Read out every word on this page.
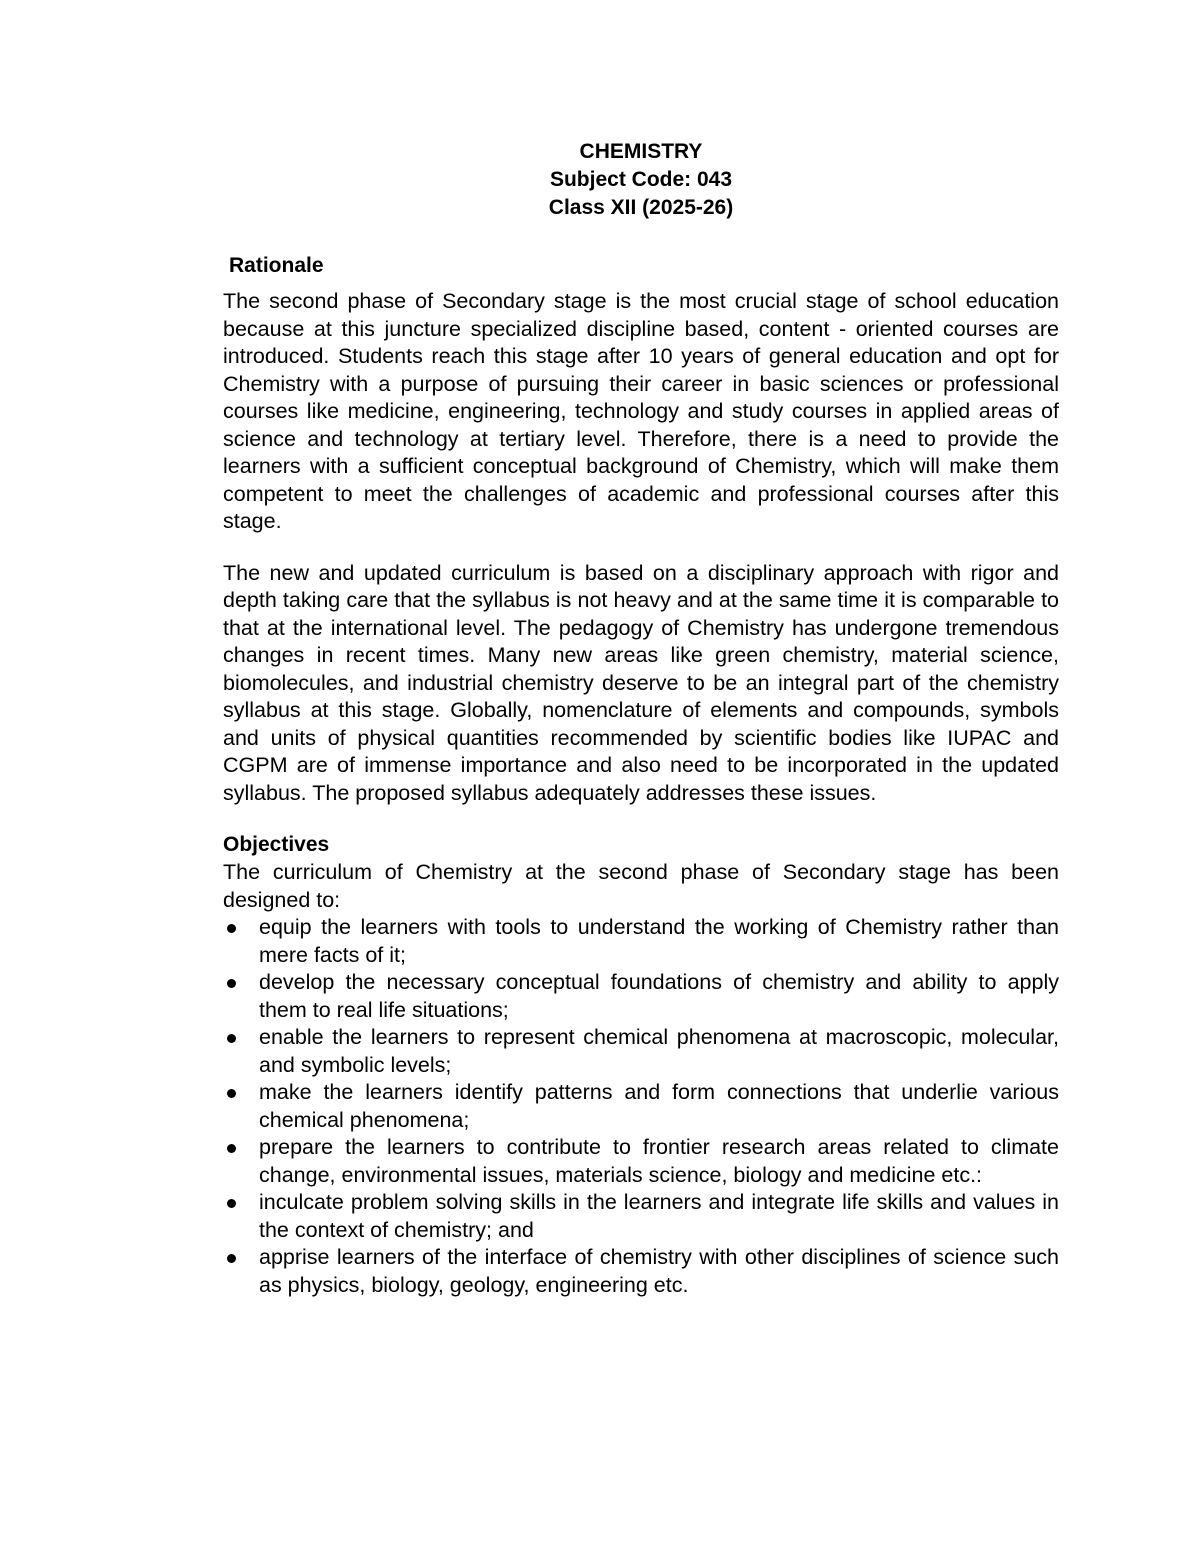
CHEMISTRY
Subject Code: 043
Class XII (2025-26)
Rationale

The second phase of Secondary stage is the most crucial stage of school education because at this juncture specialized discipline based, content - oriented courses are introduced. Students reach this stage after 10 years of general education and opt for Chemistry with a purpose of pursuing their career in basic sciences or professional courses like medicine, engineering, technology and study courses in applied areas of science and technology at tertiary level. Therefore, there is a need to provide the learners with a sufficient conceptual background of Chemistry, which will make them competent to meet the challenges of academic and professional courses after this stage.

The new and updated curriculum is based on a disciplinary approach with rigor and depth taking care that the syllabus is not heavy and at the same time it is comparable to that at the international level. The pedagogy of Chemistry has undergone tremendous changes in recent times. Many new areas like green chemistry, material science, biomolecules, and industrial chemistry deserve to be an integral part of the chemistry syllabus at this stage. Globally, nomenclature of elements and compounds, symbols and units of physical quantities recommended by scientific bodies like IUPAC and CGPM are of immense importance and also need to be incorporated in the updated syllabus. The proposed syllabus adequately addresses these issues.

Objectives

The curriculum of Chemistry at the second phase of Secondary stage has been designed to:

equip the learners with tools to understand the working of Chemistry rather than mere facts of it;
develop the necessary conceptual foundations of chemistry and ability to apply them to real life situations;
enable the learners to represent chemical phenomena at macroscopic, molecular, and symbolic levels;
make the learners identify patterns and form connections that underlie various chemical phenomena;
prepare the learners to contribute to frontier research areas related to climate change, environmental issues, materials science, biology and medicine etc.:
inculcate problem solving skills in the learners and integrate life skills and values in the context of chemistry; and
apprise learners of the interface of chemistry with other disciplines of science such as physics, biology, geology, engineering etc.
